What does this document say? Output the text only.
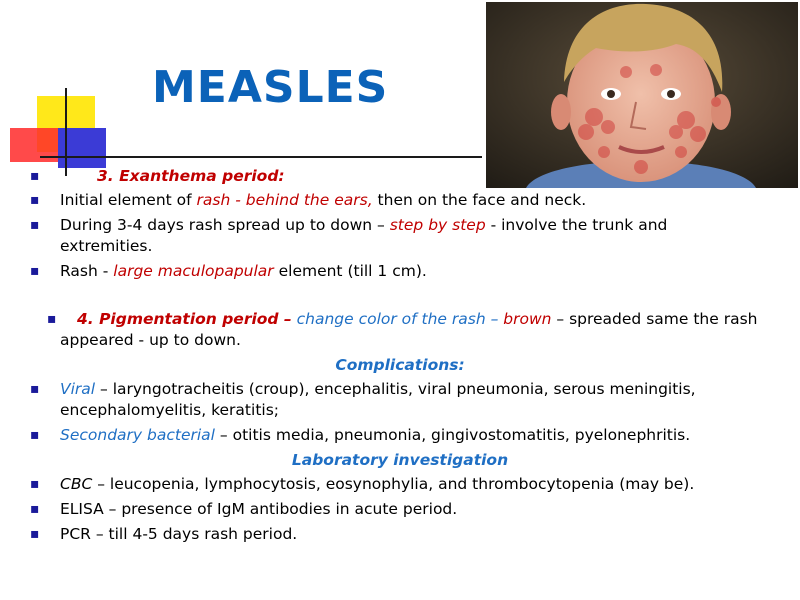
MEASLES

▪ 3. Exanthema period:

▪ Initial element of rash - behind the ears, then on the face and neck.

▪ During 3-4 days rash spread up to down – step by step - involve the trunk and extremities.

▪ Rash - large maculopapular element (till 1 cm).

▪ 4. Pigmentation period – change color of the rash – brown – spreaded same the rash appeared - up to down.

Complications:

▪ Viral – laryngotracheitis (croup), encephalitis, viral pneumonia, serous meningitis, encephalomyelitis, keratitis;

▪ Secondary bacterial – otitis media, pneumonia, gingivostomatitis, pyelonephritis.

Laboratory investigation

▪ CBC – leucopenia, lymphocytosis, eosynophylia, and thrombocytopenia (may be).

▪ ELISA – presence of IgM antibodies in acute period.

▪ PCR – till 4-5 days rash period.
